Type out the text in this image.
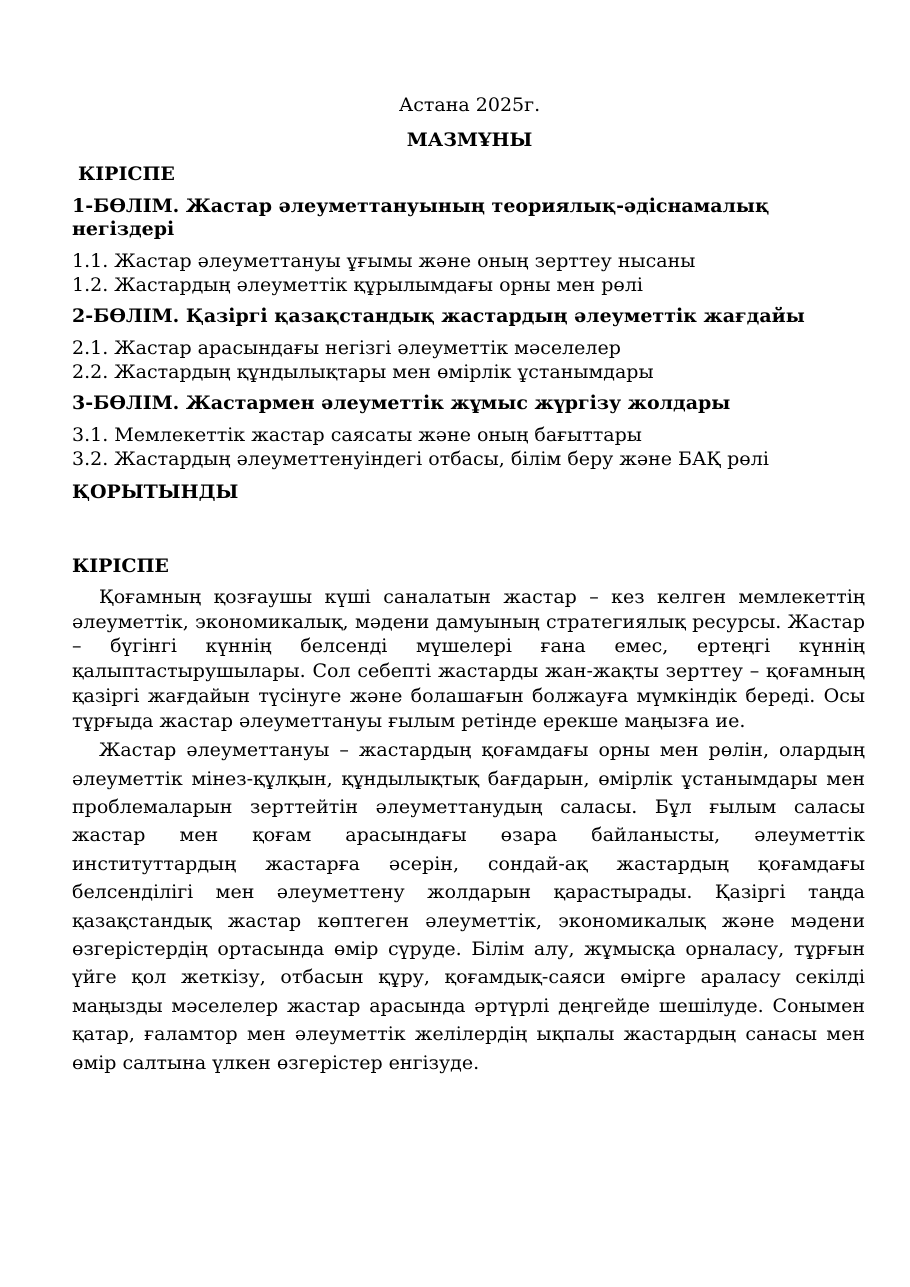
Астана 2025г.

МАЗМҰНЫ

КІРІСПЕ

1-БӨЛІМ. Жастар әлеуметтануының теориялық-әдіснамалық негіздері

1.1. Жастар әлеуметтануы ұғымы және оның зерттеу нысаны

1.2. Жастардың әлеуметтік құрылымдағы орны мен рөлі

2-БӨЛІМ. Қазіргі қазақстандық жастардың әлеуметтік жағдайы

2.1. Жастар арасындағы негізгі әлеуметтік мәселелер

2.2. Жастардың құндылықтары мен өмірлік ұстанымдары

3-БӨЛІМ. Жастармен әлеуметтік жұмыс жүргізу жолдары

3.1. Мемлекеттік жастар саясаты және оның бағыттары

3.2. Жастардың әлеуметтенуіндегі отбасы, білім беру және БАҚ рөлі

ҚОРЫТЫНДЫ

КІРІСПЕ

Қоғамның қозғаушы күші саналатын жастар – кез келген мемлекеттің әлеуметтік, экономикалық, мәдени дамуының стратегиялық ресурсы. Жастар – бүгінгі күннің белсенді мүшелері ғана емес, ертеңгі күннің қалыптастырушылары. Сол себепті жастарды жан-жақты зерттеу – қоғамның қазіргі жағдайын түсінуге және болашағын болжауға мүмкіндік береді. Осы тұрғыда жастар әлеуметтануы ғылым ретінде ерекше маңызға ие.

Жастар әлеуметтануы – жастардың қоғамдағы орны мен рөлін, олардың әлеуметтік мінез-құлқын, құндылықтық бағдарын, өмірлік ұстанымдары мен проблемаларын зерттейтін әлеуметтанудың саласы. Бұл ғылым саласы жастар мен қоғам арасындағы өзара байланысты, әлеуметтік институттардың жастарға әсерін, сондай-ақ жастардың қоғамдағы белсенділігі мен әлеуметтену жолдарын қарастырады. Қазіргі таңда қазақстандық жастар көптеген әлеуметтік, экономикалық және мәдени өзгерістердің ортасында өмір сүруде. Білім алу, жұмысқа орналасу, тұрғын үйге қол жеткізу, отбасын құру, қоғамдық-саяси өмірге араласу секілді маңызды мәселелер жастар арасында әртүрлі деңгейде шешілуде. Сонымен қатар, ғаламтор мен әлеуметтік желілердің ықпалы жастардың санасы мен өмір салтына үлкен өзгерістер енгізуде.
